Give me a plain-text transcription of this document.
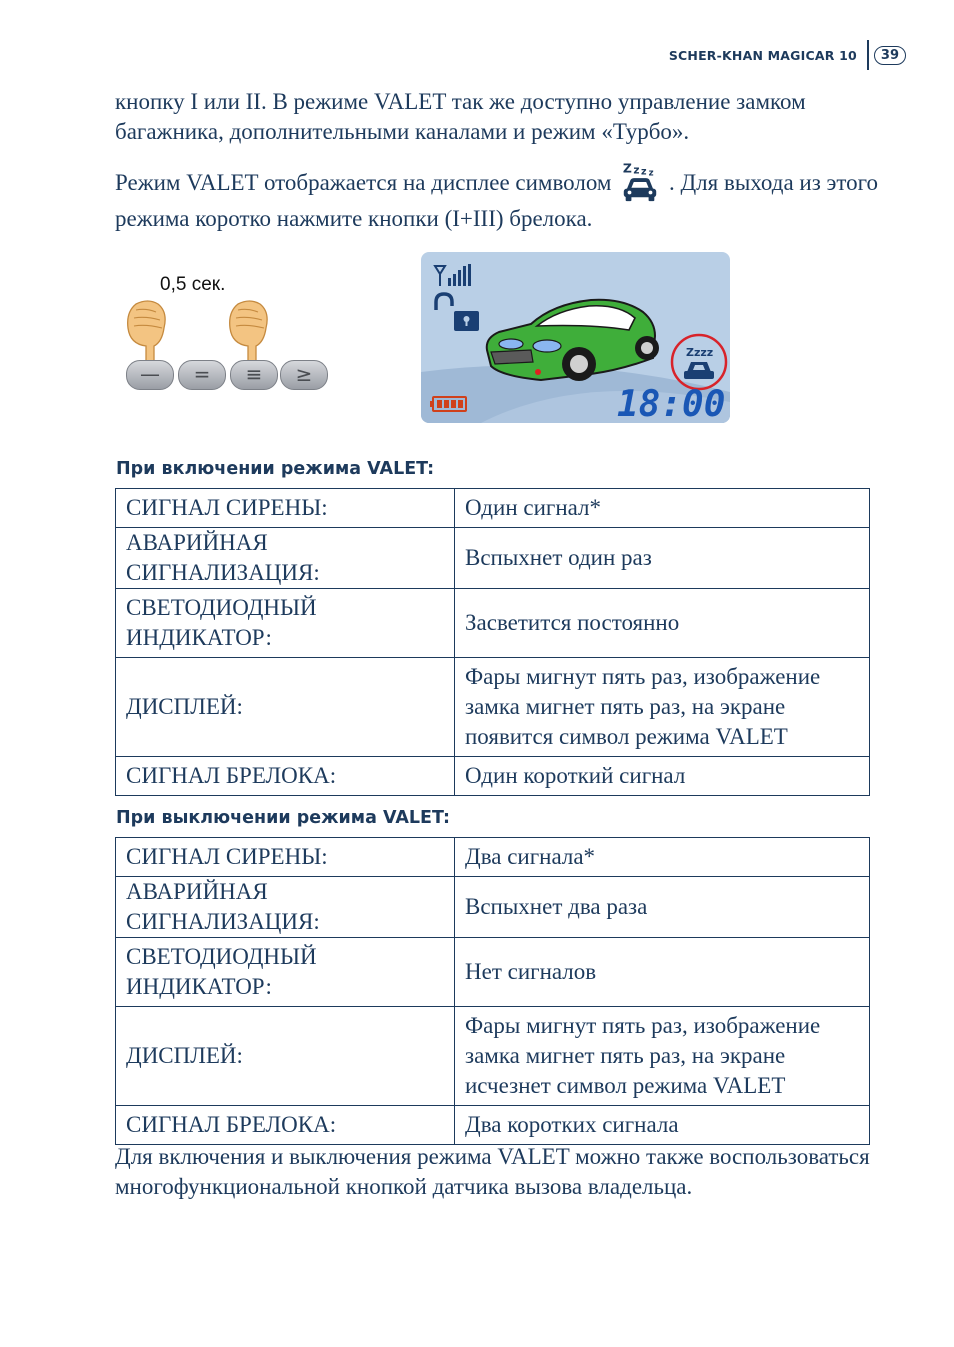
SCHER-KHAN MAGICAR 10	39

кнопку I или II. В режиме VALET так же доступно управление замком
багажника, дополнительными каналами и режим «Турбо».

Режим VALET отображается на дисплее символом
Z z z z . Для выхода из этого
режима коротко нажмите кнопки (I+III) брелока.

0,5 сек.
—	=	≡	≥
Zzzz
18:00
При включении режима VALET:
СИГНАЛ СИРЕНЫ:	Один сигнал*
АВАРИЙНАЯ СИГНАЛИЗАЦИЯ:	Вспыхнет один раз
СВЕТОДИОДНЫЙ
ИНДИКАТОР:	Засветится постоянно
ДИСПЛЕЙ:	Фары мигнут пять раз, изображение
замка мигнет пять раз, на экране
появится символ режима VALET
СИГНАЛ БРЕЛОКА:	Один короткий сигнал
При выключении режима VALET:
СИГНАЛ СИРЕНЫ:	Два сигнала*
АВАРИЙНАЯ СИГНАЛИЗАЦИЯ:	Вспыхнет два раза
СВЕТОДИОДНЫЙ
ИНДИКАТОР:	Нет сигналов
ДИСПЛЕЙ:	Фары мигнут пять раз, изображение
замка мигнет пять раз, на экране
исчезнет символ режима VALET
СИГНАЛ БРЕЛОКА:	Два коротких сигнала

Для включения и выключения режима VALET можно также воспользоваться
многофункциональной кнопкой датчика вызова владельца.
